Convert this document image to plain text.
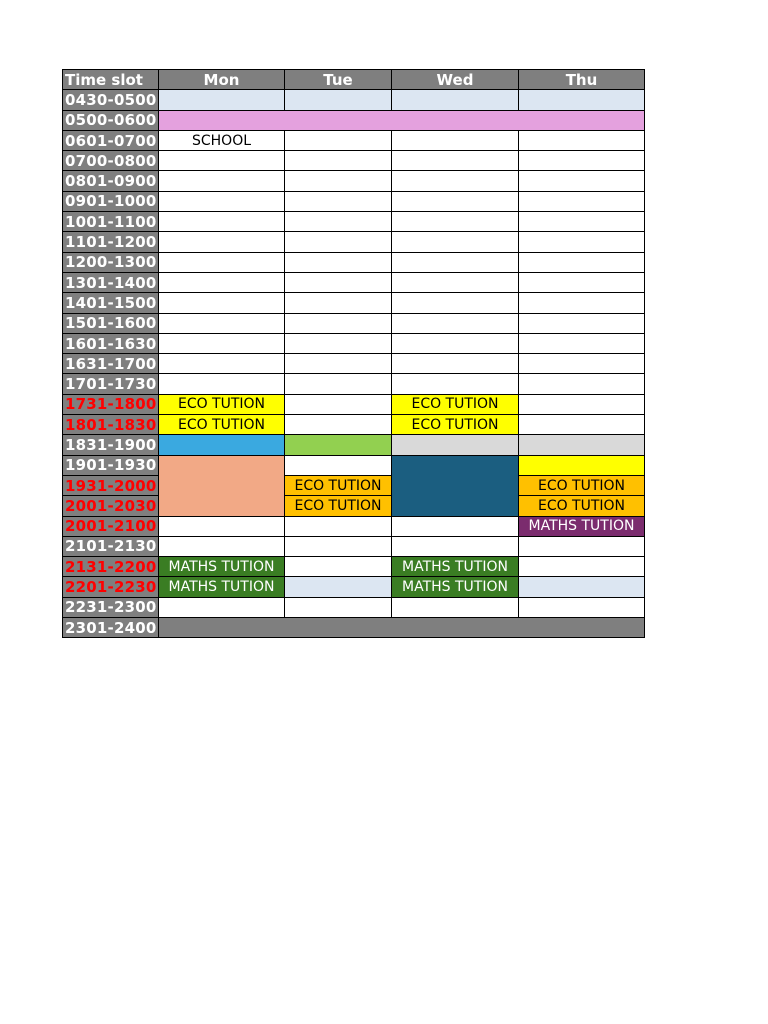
Time slot	Mon	Tue	Wed	Thu
0430-0500				
0500-0600				
0601-0700	SCHOOL			
0700-0800				
0801-0900				
0901-1000				
1001-1100				
1101-1200				
1200-1300				
1301-1400				
1401-1500				
1501-1600				
1601-1630				
1631-1700				
1701-1730				
1731-1800	ECO TUTION		ECO TUTION	
1801-1830	ECO TUTION		ECO TUTION	
1831-1900				
1901-1930				
1931-2000		ECO TUTION		ECO TUTION
2001-2030		ECO TUTION		ECO TUTION
2001-2100				MATHS TUTION
2101-2130				
2131-2200	MATHS TUTION		MATHS TUTION	
2201-2230	MATHS TUTION		MATHS TUTION	
2231-2300				
2301-2400				
